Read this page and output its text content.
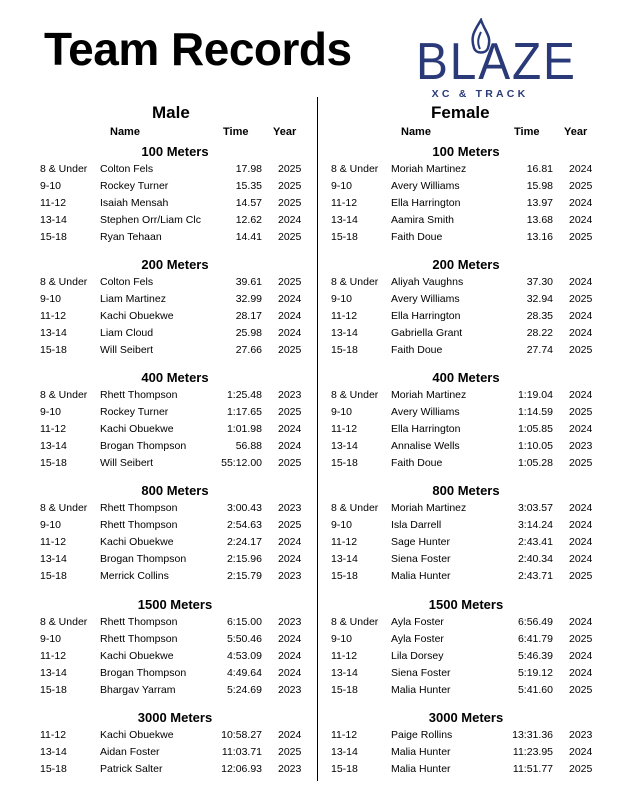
Team Records BLAZE
XC & TRACK
Male
Name	Time Year
100 Meters
8 & Under Colton Fels	17.98 2025
9-10	Rockey Turner	15.35 2025
11-12	Isaiah Mensah	14.57 2025
13-14	Stephen Orr/Liam Clc	12.62 2024
15-18	Ryan Tehaan	14.41 2025
200 Meters
8 & Under Colton Fels	39.61 2025
9-10	Liam Martinez	32.99 2024
11-12	Kachi Obuekwe	28.17 2024
13-14	Liam Cloud	25.98 2024
15-18	Will Seibert	27.66 2025
400 Meters
8 & Under Rhett Thompson	1:25.48 2023
9-10	Rockey Turner	1:17.65 2025
11-12	Kachi Obuekwe	1:01.98 2024
13-14	Brogan Thompson	56.88 2024
15-18	Will Seibert	55:12.00 2025
800 Meters
8 & Under Rhett Thompson	3:00.43 2023
9-10	Rhett Thompson	2:54.63 2025
11-12	Kachi Obuekwe	2:24.17 2024
13-14	Brogan Thompson	2:15.96 2024
15-18	Merrick Collins	2:15.79 2023
1500 Meters
8 & Under Rhett Thompson	6:15.00 2023
9-10	Rhett Thompson	5:50.46 2024
11-12	Kachi Obuekwe	4:53.09 2024
13-14	Brogan Thompson	4:49.64 2024
15-18	Bhargav Yarram	5:24.69 2023
3000 Meters
11-12	Kachi Obuekwe	10:58.27 2024
13-14	Aidan Foster	11:03.71 2025
15-18	Patrick Salter	12:06.93 2023
Female
Name	Time Year
100 Meters
8 & Under Moriah Martinez	16.81 2024
9-10	Avery Williams	15.98 2025
11-12	Ella Harrington	13.97 2024
13-14	Aamira Smith	13.68 2024
15-18	Faith Doue	13.16 2025
200 Meters
8 & Under Aliyah Vaughns	37.30 2024
9-10	Avery Williams	32.94 2025
11-12	Ella Harrington	28.35 2024
13-14	Gabriella Grant	28.22 2024
15-18	Faith Doue	27.74 2025
400 Meters
8 & Under Moriah Martinez	1:19.04 2024
9-10	Avery Williams	1:14.59 2025
11-12	Ella Harrington	1:05.85 2024
13-14	Annalise Wells	1:10.05 2023
15-18	Faith Doue	1:05.28 2025
800 Meters
8 & Under Moriah Martinez	3:03.57 2024
9-10	Isla Darrell	3:14.24 2024
11-12	Sage Hunter	2:43.41 2024
13-14	Siena Foster	2:40.34 2024
15-18	Malia Hunter	2:43.71 2025
1500 Meters
8 & Under Ayla Foster	6:56.49 2024
9-10	Ayla Foster	6:41.79 2025
11-12	Lila Dorsey	5:46.39 2024
13-14	Siena Foster	5:19.12 2024
15-18	Malia Hunter	5:41.60 2025
3000 Meters
11-12	Paige Rollins	13:31.36 2023
13-14	Malia Hunter	11:23.95 2024
15-18	Malia Hunter	11:51.77 2025
